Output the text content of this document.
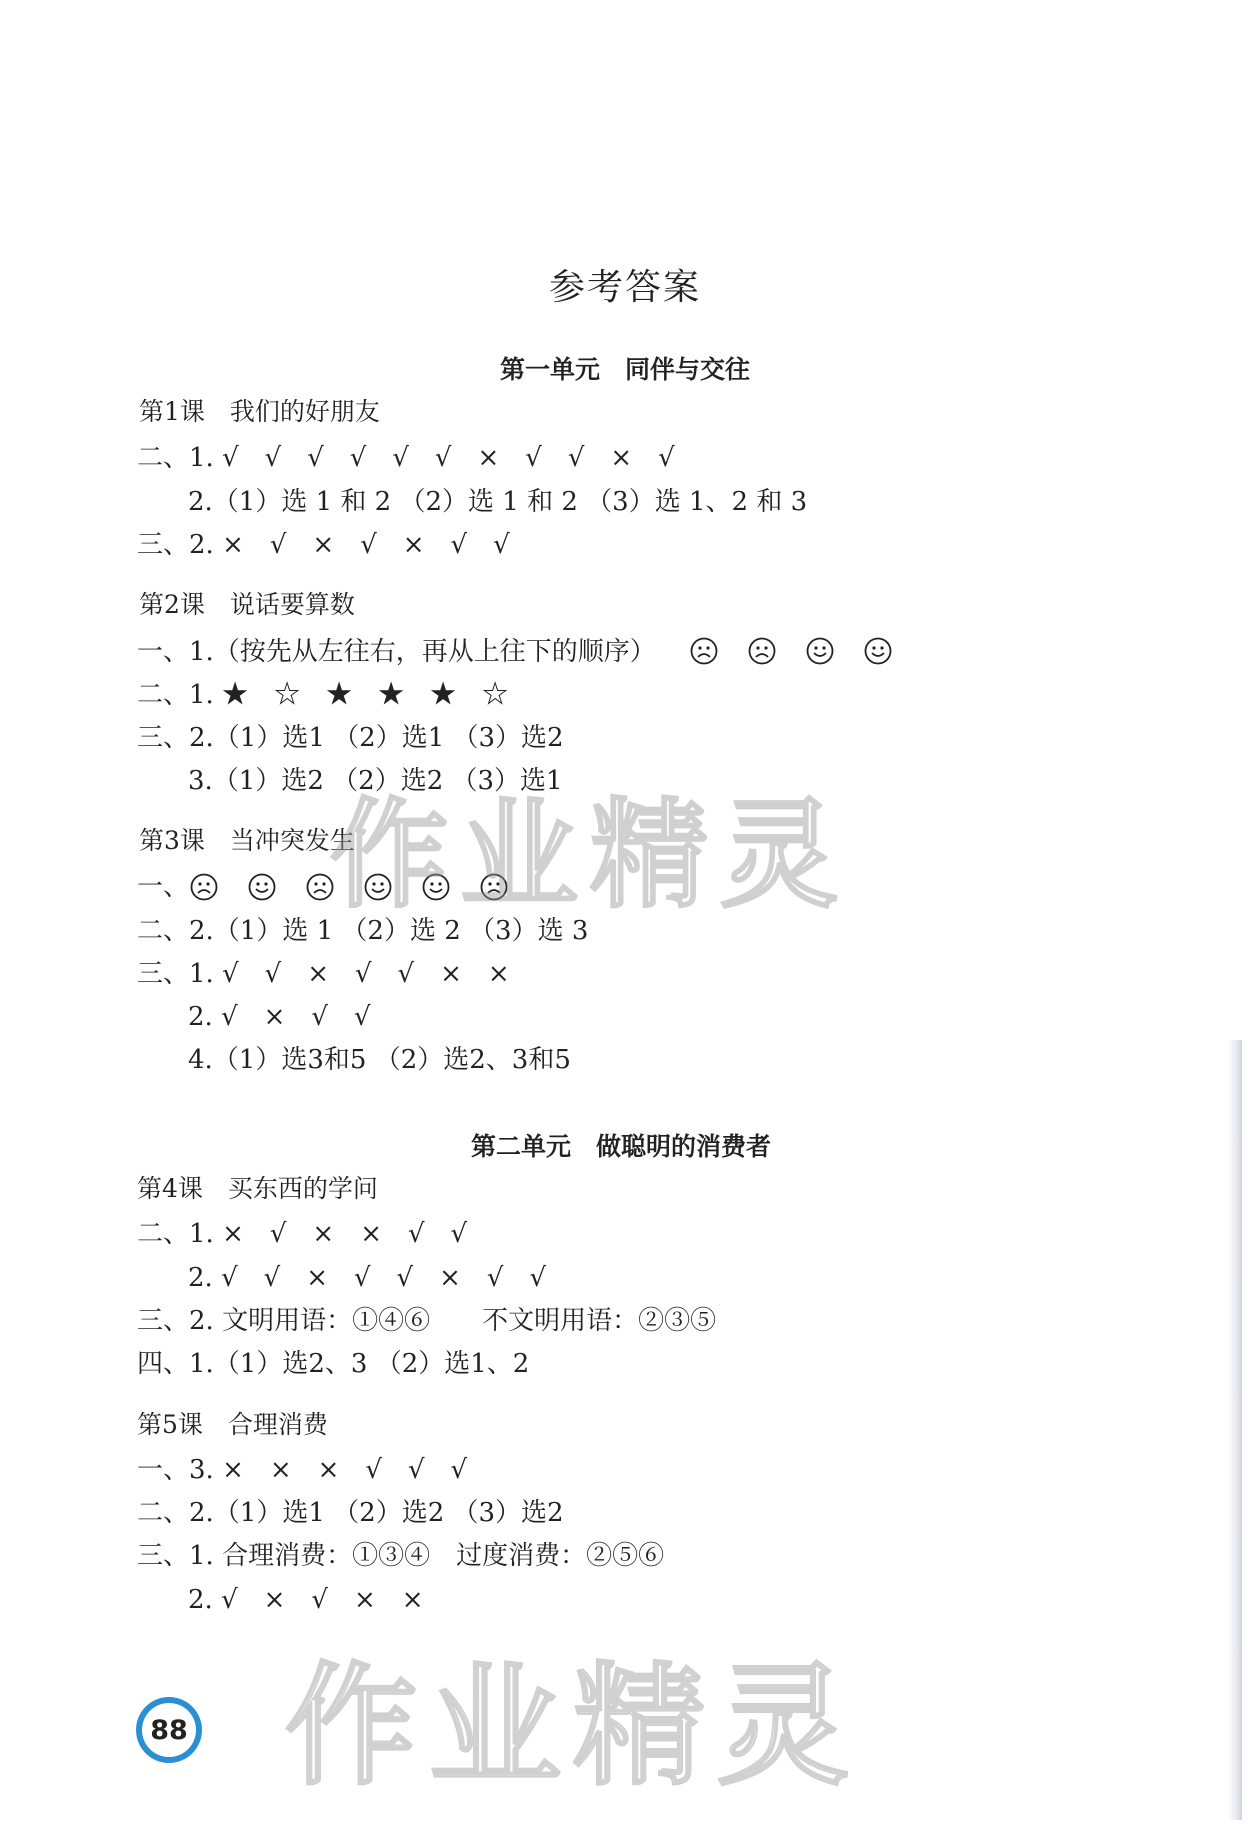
参考答案
第一单元　同伴与交往
第1课　我们的好朋友
二、1. √　√　√　√　√　√　×　√　√　×　√
2.（1）选 1 和 2 （2）选 1 和 2 （3）选 1、2 和 3
三、2. ×　√　×　√　×　√　√
第2课　说话要算数
一、1.（按先从左往右，再从上往下的顺序）
二、1. ★　☆　★　★　★　☆
三、2.（1）选1 （2）选1 （3）选2
3.（1）选2 （2）选2 （3）选1
第3课　当冲突发生
一、
二、2.（1）选 1 （2）选 2 （3）选 3
三、1. √　√　×　√　√　×　×
2. √　×　√　√
4.（1）选3和5 （2）选2、3和5
第二单元　做聪明的消费者
第4课　买东西的学问
二、1. ×　√　×　×　√　√
2. √　√　×　√　√　×　√　√
三、2. 文明用语：①④⑥　　不文明用语：②③⑤
四、1.（1）选2、3 （2）选1、2
第5课　合理消费
一、3. ×　×　×　√　√　√
二、2.（1）选1 （2）选2 （3）选2
三、1. 合理消费：①③④　过度消费：②⑤⑥
2. √　×　√　×　×
作业精灵
作业精灵
88
